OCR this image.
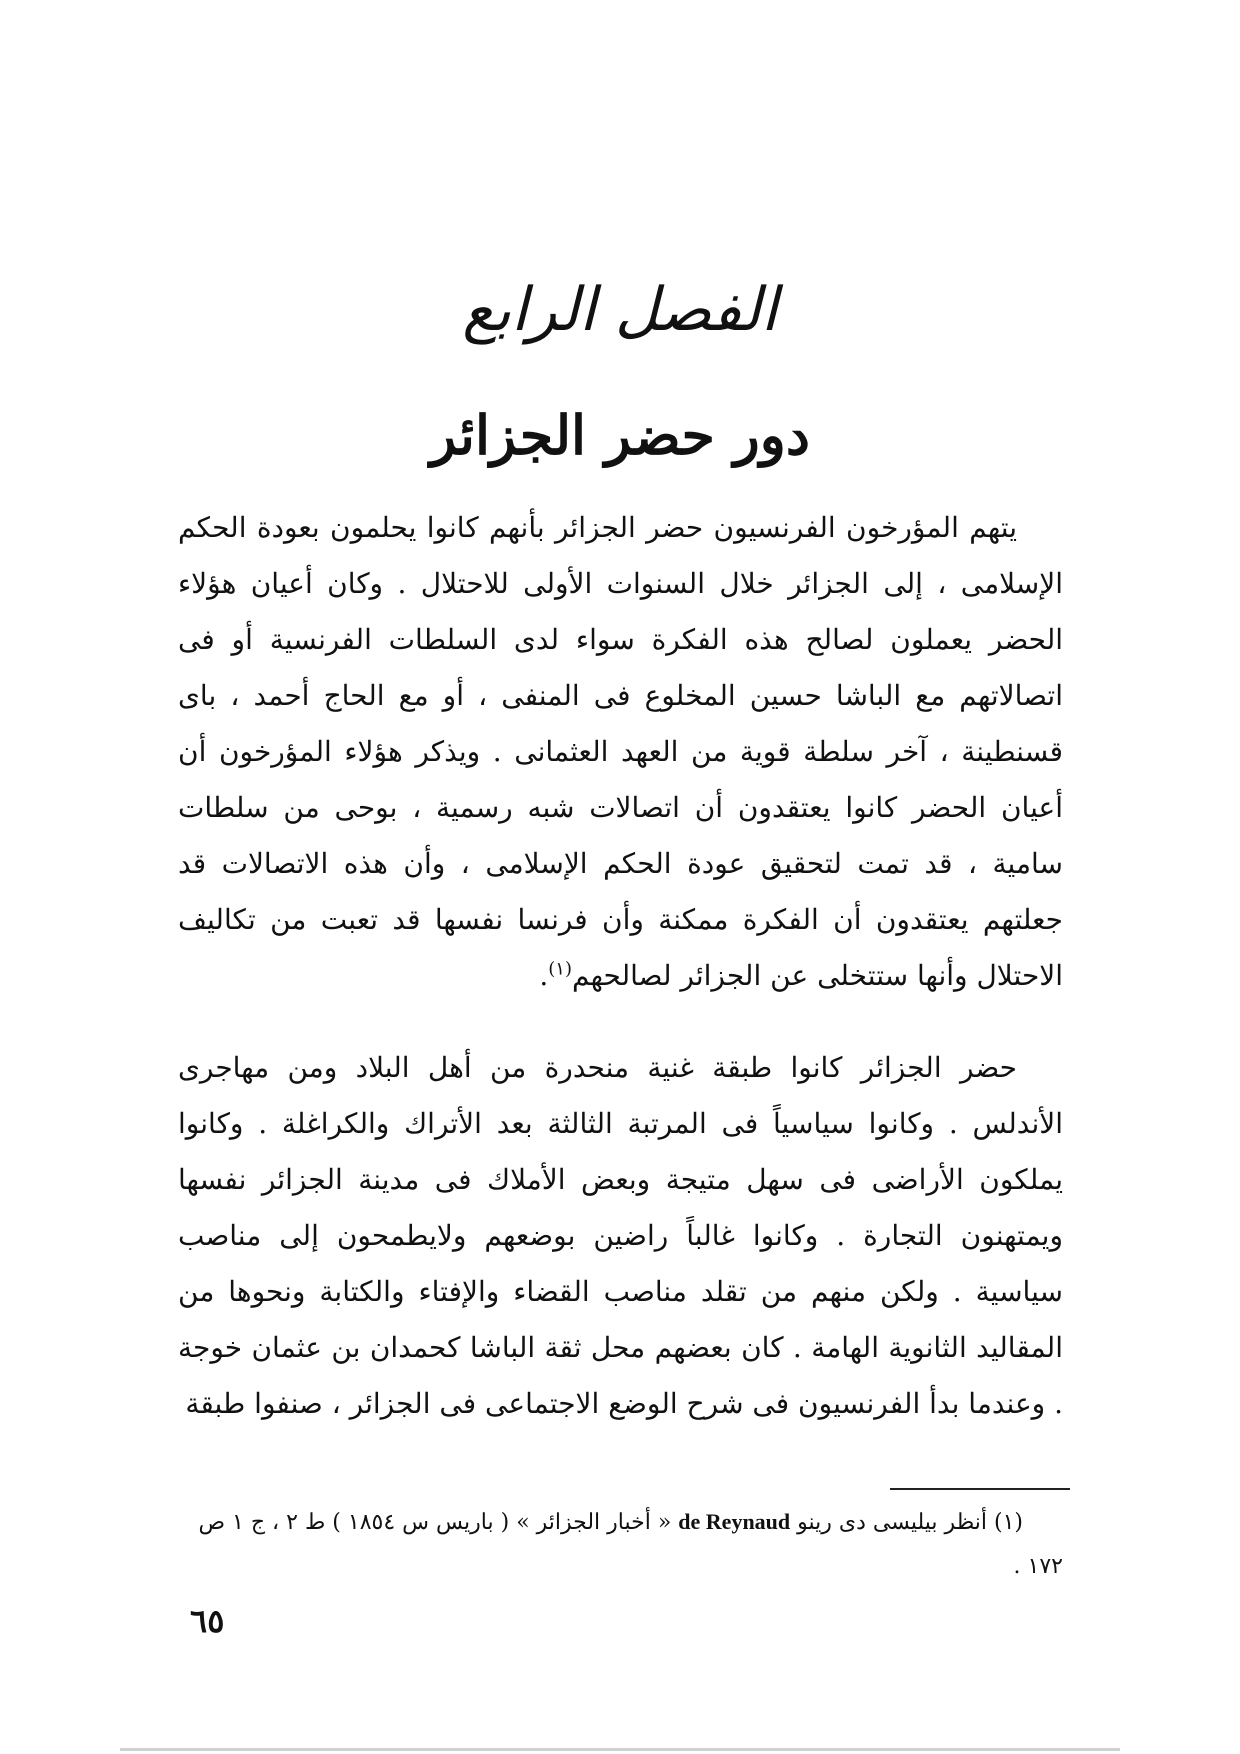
الفصل الرابع
دور حضر الجزائر

يتهم المؤرخون الفرنسيون حضر الجزائر بأنهم كانوا يحلمون بعودة الحكم الإسلامى ، إلى الجزائر خلال السنوات الأولى للاحتلال . وكان أعيان هؤلاء الحضر يعملون لصالح هذه الفكرة سواء لدى السلطات الفرنسية أو فى اتصالاتهم مع الباشا حسين المخلوع فى المنفى ، أو مع الحاج أحمد ، باى قسنطينة ، آخر سلطة قوية من العهد العثمانى . ويذكر هؤلاء المؤرخون أن أعيان الحضر كانوا يعتقدون أن اتصالات شبه رسمية ، بوحى من سلطات سامية ، قد تمت لتحقيق عودة الحكم الإسلامى ، وأن هذه الاتصالات قد جعلتهم يعتقدون أن الفكرة ممكنة وأن فرنسا نفسها قد تعبت من تكاليف الاحتلال وأنها ستتخلى عن الجزائر لصالحهم$^{(١)}$.

حضر الجزائر كانوا طبقة غنية منحدرة من أهل البلاد ومن مهاجرى الأندلس . وكانوا سياسياً فى المرتبة الثالثة بعد الأتراك والكراغلة . وكانوا يملكون الأراضى فى سهل متيجة وبعض الأملاك فى مدينة الجزائر نفسها ويمتهنون التجارة . وكانوا غالباً راضين بوضعهم ولايطمحون إلى مناصب سياسية . ولكن منهم من تقلد مناصب القضاء والإفتاء والكتابة ونحوها من المقاليد الثانوية الهامة . كان بعضهم محل ثقة الباشا كحمدان بن عثمان خوجة . وعندما بدأ الفرنسيون فى شرح الوضع الاجتماعى فى الجزائر ، صنفوا طبقة

(١) أنظر بيليسى دى رينو de Reynaud « أخبار الجزائر » ( باريس س ١٨٥٤ ) ط ٢ ، ج ١ ص ١٧٢ .

٦٥
